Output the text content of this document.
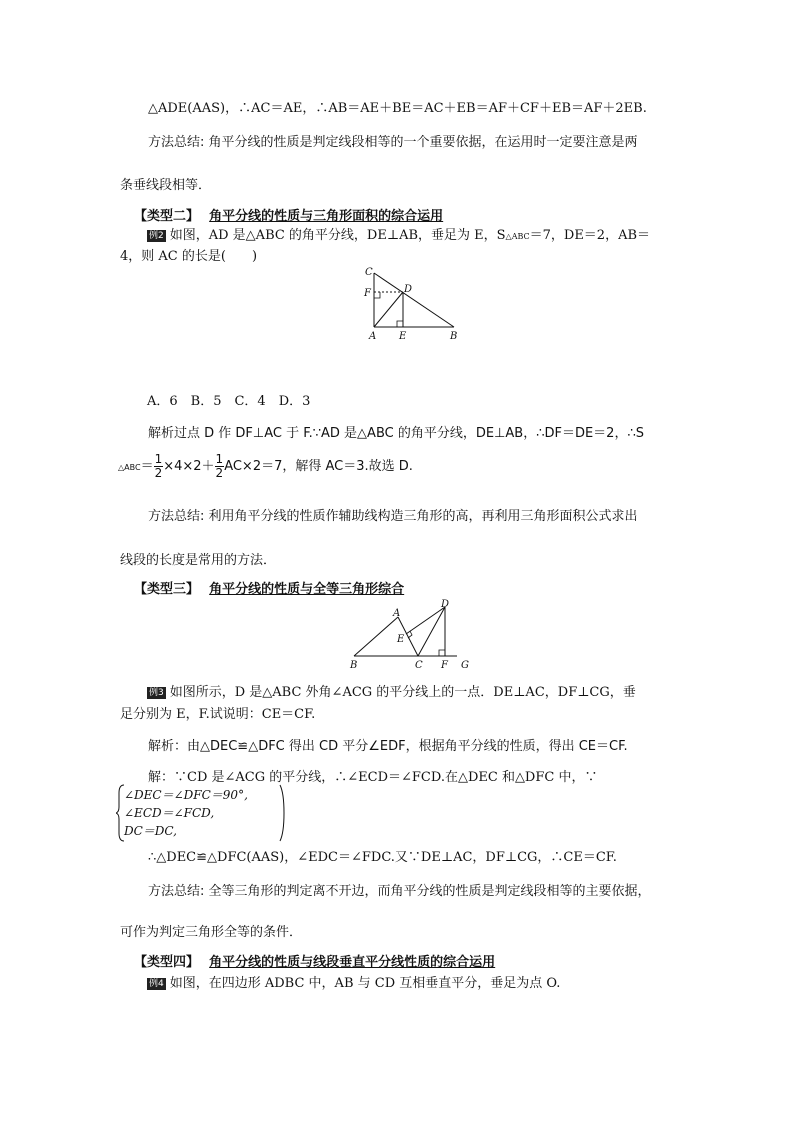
△ADE(AAS)，∴AC＝AE，∴AB＝AE＋BE＝AC＋EB＝AF＋CF＋EB＝AF＋2EB.
方法总结: 角平分线的性质是判定线段相等的一个重要依据，在运用时一定要注意是两
条垂线段相等．
【类型二】 角平分线的性质与三角形面积的综合运用
例2 如图，AD 是△ABC 的角平分线，DE⊥AB，垂足为 E，S△ABC＝7，DE＝2，AB＝
4，则 AC 的长是(　　)
C
F	D
A E	B
A．6　B．5　C．4　D．3
解析过点 D 作 DF⊥AC 于 F.∵AD 是△ABC 的角平分线，DE⊥AB，∴DF＝DE＝2，∴S
△ABC＝ $\frac{1}{2} \times 4\times 2+ \frac{1}{2} AC\times 2=7$，解得 AC＝3.故选 D.
方法总结: 利用角平分线的性质作辅助线构造三角形的高，再利用三角形面积公式求出
线段的长度是常用的方法．
【类型三】 角平分线的性质与全等三角形综合
A
D
E
B	C F G
例3 如图所示，D 是△ABC 外角∠ACG 的平分线上的一点．DE⊥AC，DF⊥CG，垂
足分别为 E，F.试说明：CE＝CF.
解析：由△DEC≌△DFC 得出 CD 平分∠EDF，根据角平分线的性质，得出 CE＝CF.
解：∵CD 是∠ACG 的平分线，∴∠ECD＝∠FCD.在△DEC 和△DFC 中，∵
∠DEC＝∠DFC＝90°,
∠ECD＝∠FCD,
DC＝DC,
∴△DEC≌△DFC(AAS)，∠EDC＝∠FDC.又∵DE⊥AC，DF⊥CG，∴CE＝CF.
方法总结: 全等三角形的判定离不开边，而角平分线的性质是判定线段相等的主要依据，
可作为判定三角形全等的条件．
【类型四】 角平分线的性质与线段垂直平分线性质的综合运用
例4 如图，在四边形 ADBC 中，AB 与 CD 互相垂直平分，垂足为点 O.
